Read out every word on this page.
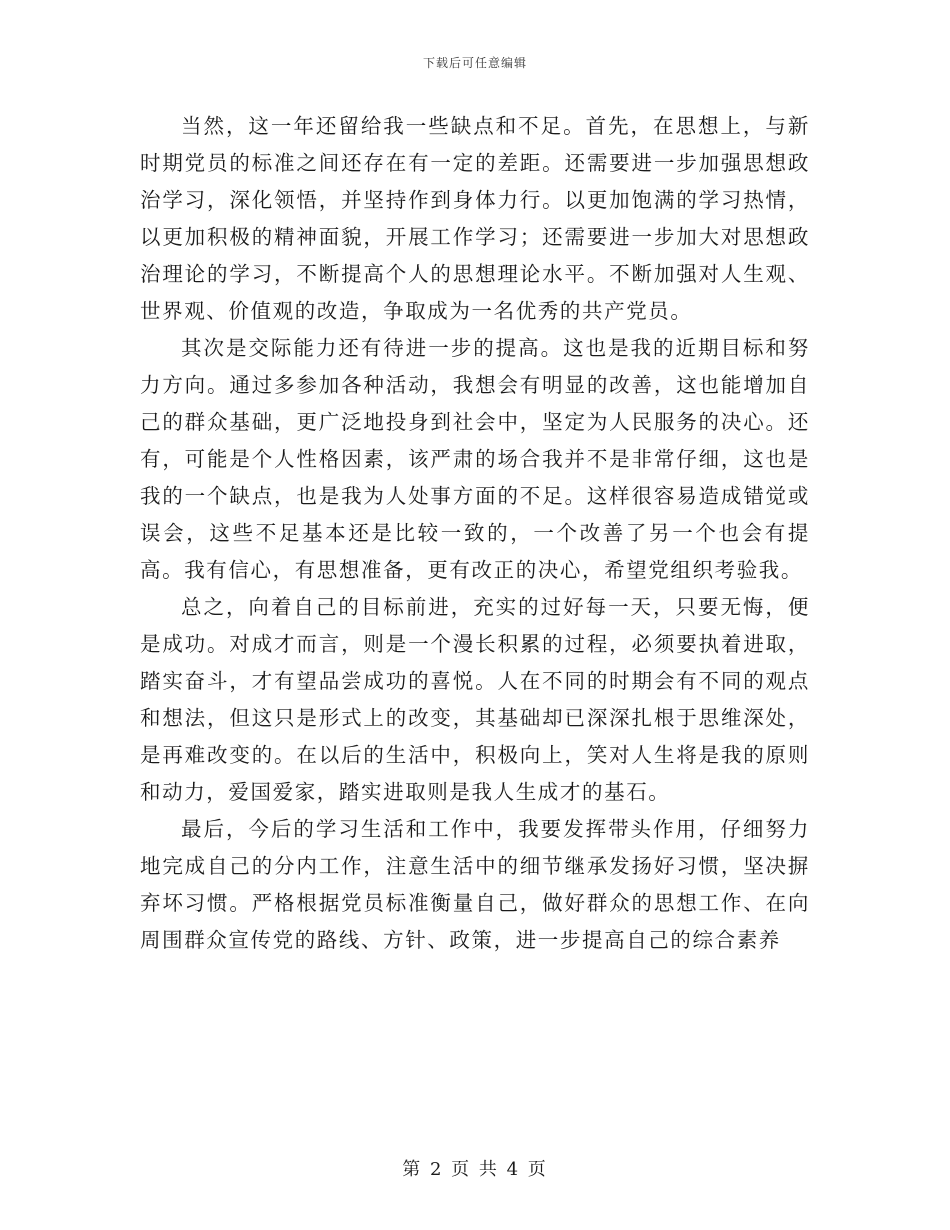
下载后可任意编辑

当然，这一年还留给我一些缺点和不足。首先，在思想上，与新时期党员的标准之间还存在有一定的差距。还需要进一步加强思想政治学习，深化领悟，并坚持作到身体力行。以更加饱满的学习热情，以更加积极的精神面貌，开展工作学习；还需要进一步加大对思想政治理论的学习，不断提高个人的思想理论水平。不断加强对人生观、世界观、价值观的改造，争取成为一名优秀的共产党员。

其次是交际能力还有待进一步的提高。这也是我的近期目标和努力方向。通过多参加各种活动，我想会有明显的改善，这也能增加自己的群众基础，更广泛地投身到社会中，坚定为人民服务的决心。还有，可能是个人性格因素，该严肃的场合我并不是非常仔细，这也是我的一个缺点，也是我为人处事方面的不足。这样很容易造成错觉或误会，这些不足基本还是比较一致的，一个改善了另一个也会有提高。我有信心，有思想准备，更有改正的决心，希望党组织考验我。

总之，向着自己的目标前进，充实的过好每一天，只要无悔，便是成功。对成才而言，则是一个漫长积累的过程，必须要执着进取，踏实奋斗，才有望品尝成功的喜悦。人在不同的时期会有不同的观点和想法，但这只是形式上的改变，其基础却已深深扎根于思维深处，是再难改变的。在以后的生活中，积极向上，笑对人生将是我的原则和动力，爱国爱家，踏实进取则是我人生成才的基石。

最后，今后的学习生活和工作中，我要发挥带头作用，仔细努力地完成自己的分内工作，注意生活中的细节继承发扬好习惯，坚决摒弃坏习惯。严格根据党员标准衡量自己，做好群众的思想工作、在向周围群众宣传党的路线、方针、政策，进一步提高自己的综合素养

第 2 页 共 4 页
